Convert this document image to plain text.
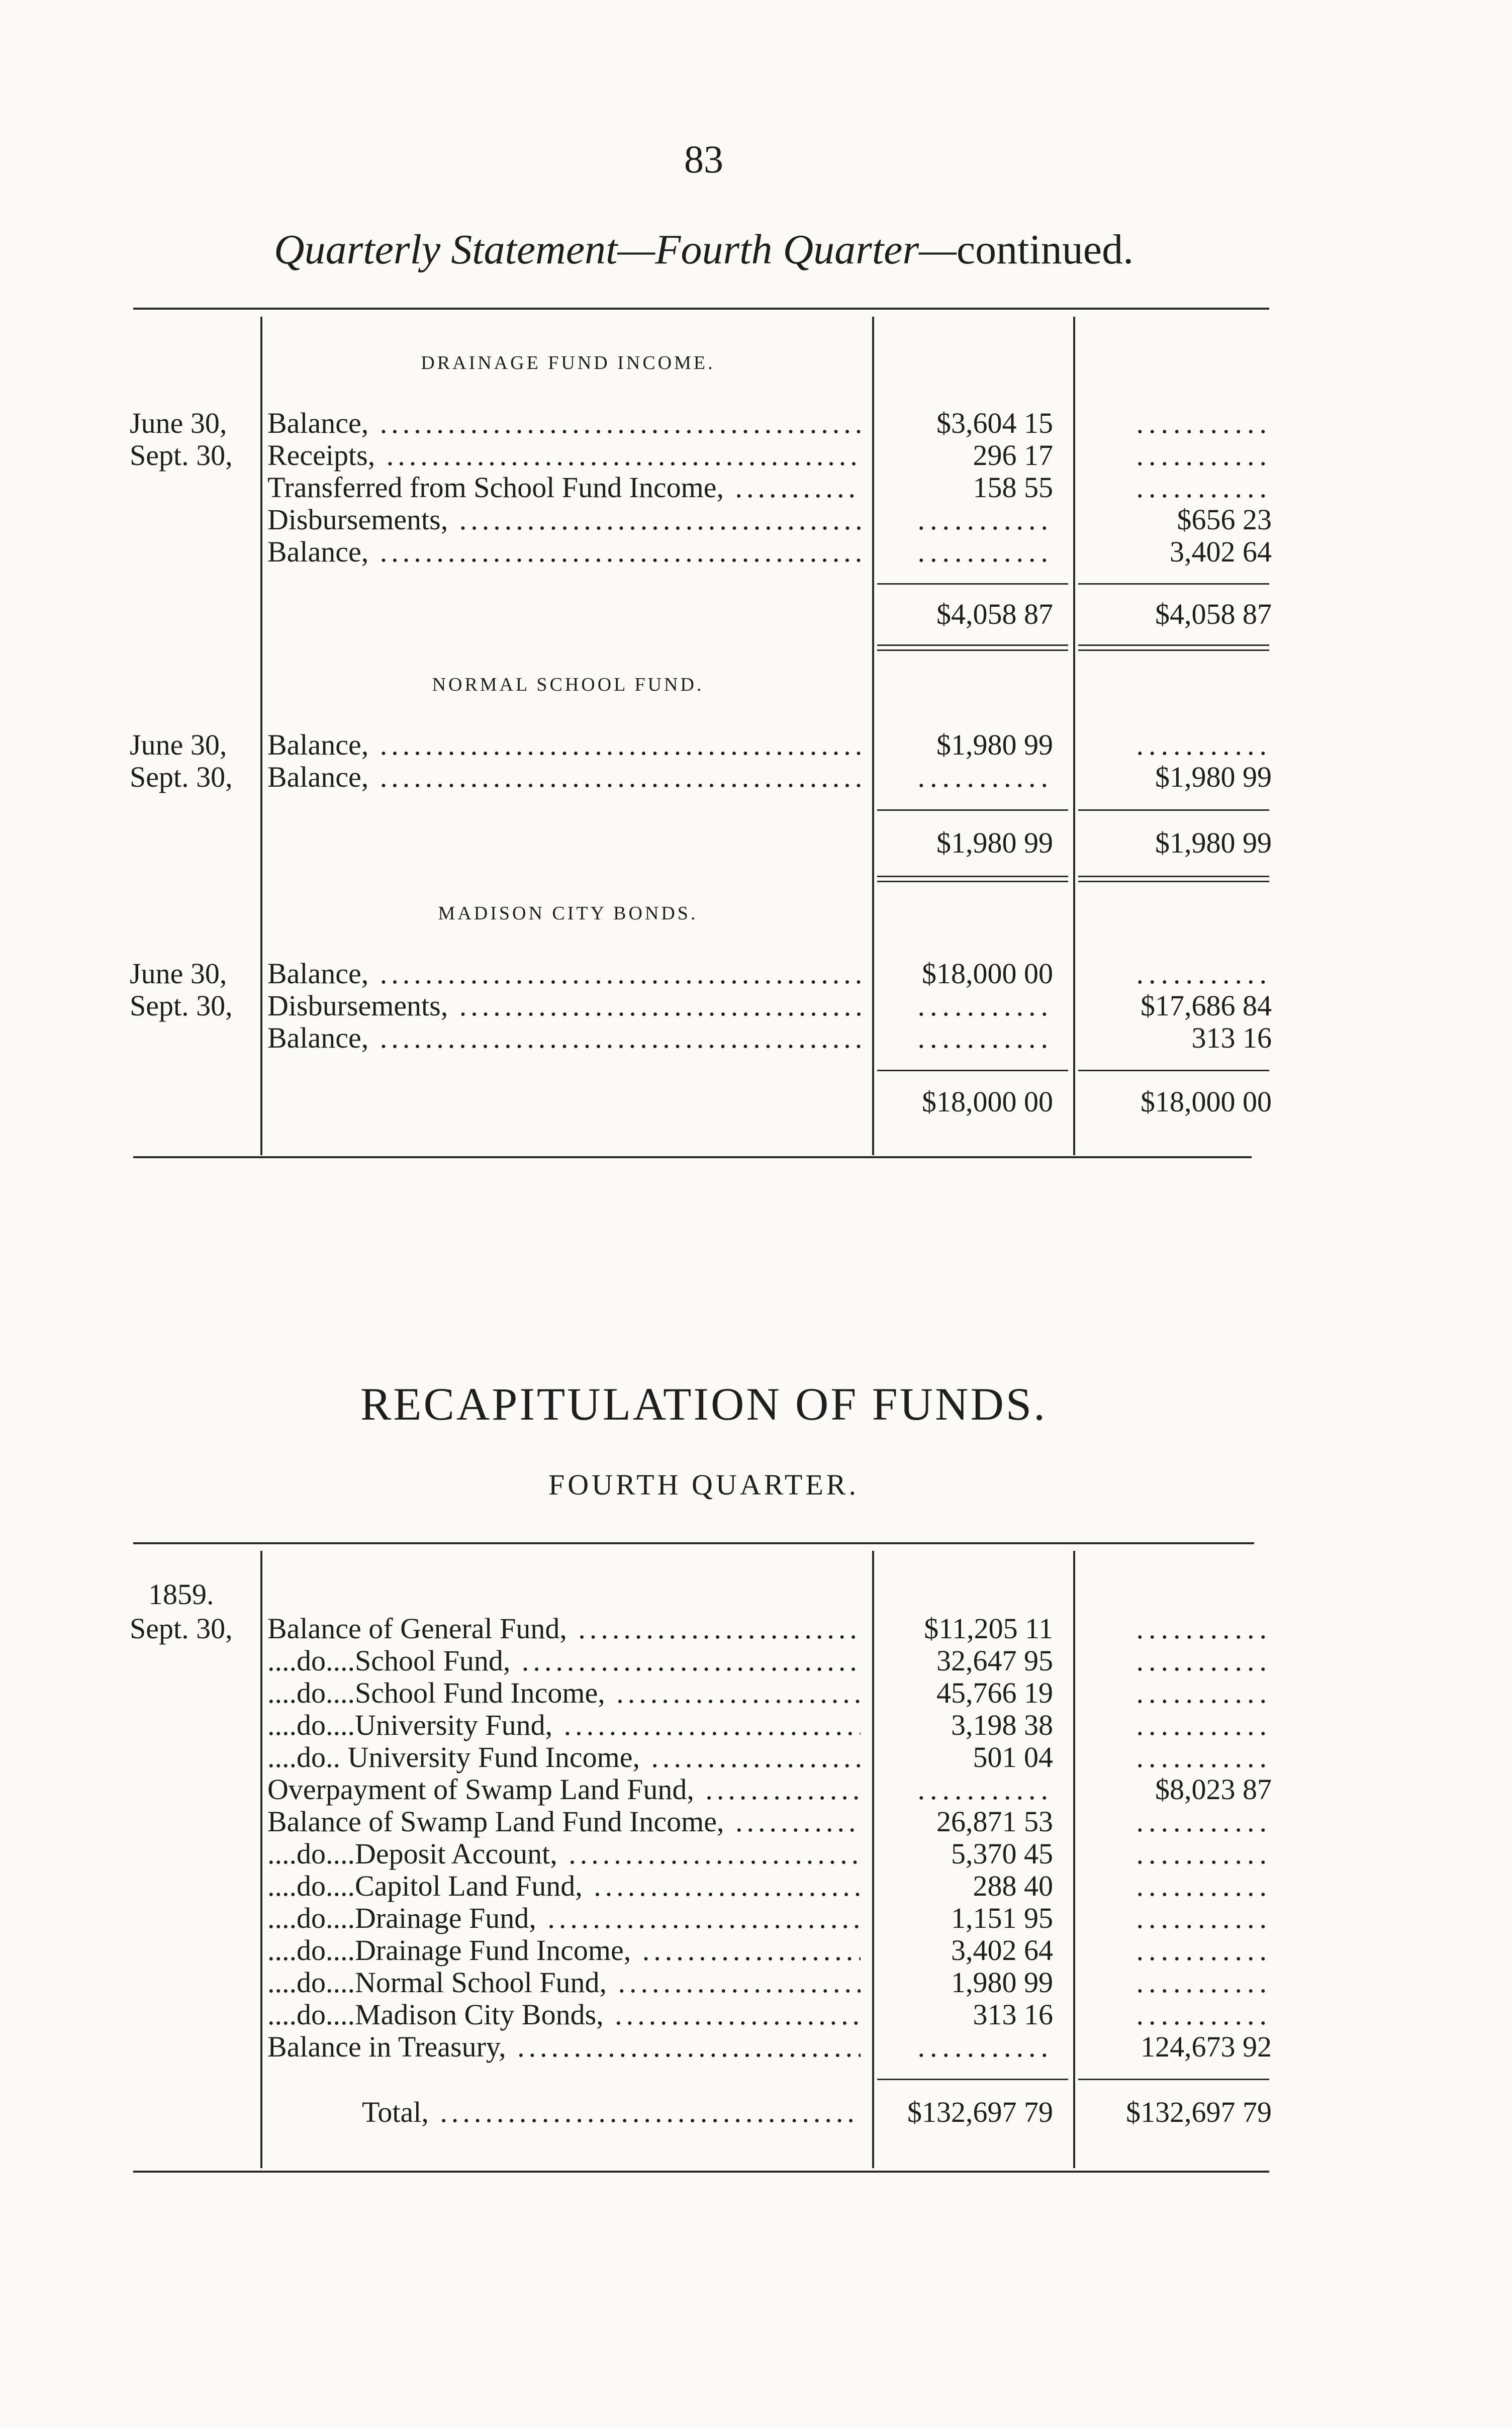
83
Quarterly Statement—Fourth Quarter—continued.
DRAINAGE FUND INCOME.
June 30,	Balance, .....	$3,604 15	...........
Sept. 30,	Receipts, .....	296 17	...........
Transferred from School Fund Income, .....	158 55	...........
Disbursements, .....	...........	$656 23
Balance, .....	...........	3,402 64
$4,058 87	$4,058 87
NORMAL SCHOOL FUND.
June 30,	Balance, .....	$1,980 99	...........
Sept. 30,	Balance, .....	...........	$1,980 99
$1,980 99	$1,980 99
MADISON CITY BONDS.
June 30,	Balance, .....	$18,000 00	...........
Sept. 30,	Disbursements, .....	...........	$17,686 84
Balance, .....	...........	313 16
$18,000 00	$18,000 00
RECAPITULATION OF FUNDS.
FOURTH QUARTER.
1859.
Sept. 30,	Balance of General Fund, .....	$11,205 11	...........
....do....School Fund, .....	32,647 95	...........
....do....School Fund Income, .....	45,766 19	...........
....do....University Fund, .....	3,198 38	...........
....do.. University Fund Income, .....	501 04	...........
Overpayment of Swamp Land Fund, .....	...........	$8,023 87
Balance of Swamp Land Fund Income, .....	26,871 53	...........
....do....Deposit Account, .....	5,370 45	...........
....do....Capitol Land Fund, .....	288 40	...........
....do....Drainage Fund, .....	1,151 95	...........
....do....Drainage Fund Income, .....	3,402 64	...........
....do....Normal School Fund, .....	1,980 99	...........
....do....Madison City Bonds, .....	313 16	...........
Balance in Treasury, .....	...........	124,673 92
Total, .....	$132,697 79	$132,697 79
